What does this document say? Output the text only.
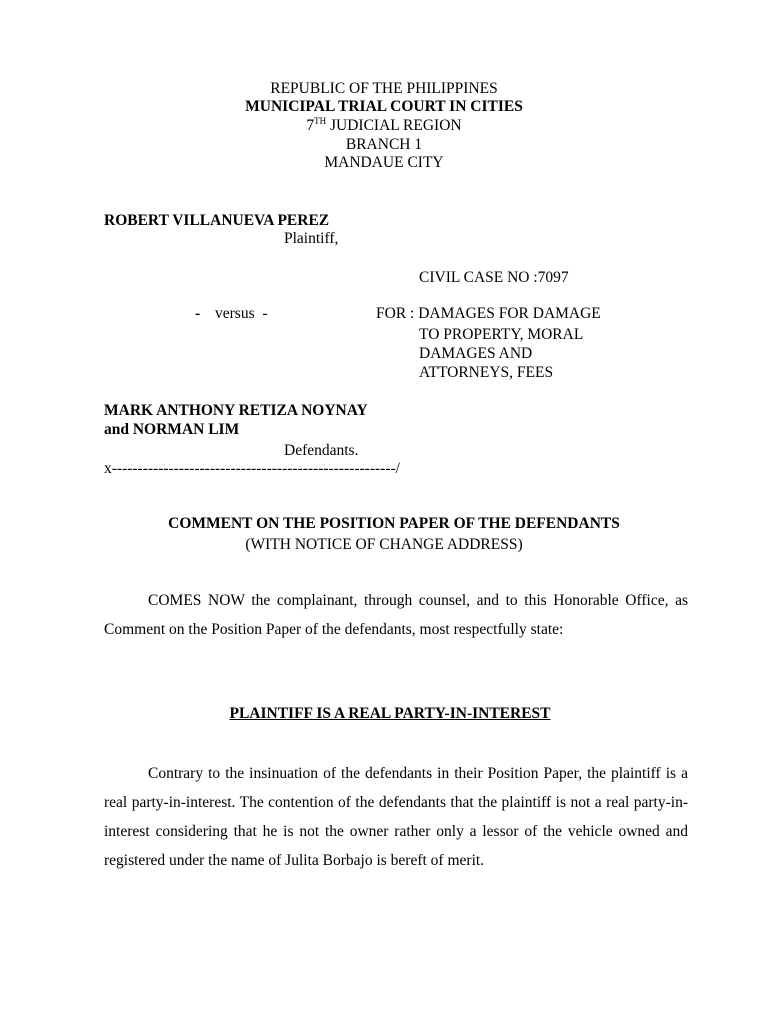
REPUBLIC OF THE PHILIPPINES
MUNICIPAL TRIAL COURT IN CITIES
7TH JUDICIAL REGION
BRANCH 1
MANDAUE CITY
ROBERT VILLANUEVA PEREZ
Plaintiff,
CIVIL CASE NO :7097
- versus  -	FOR : DAMAGES FOR DAMAGE
TO PROPERTY, MORAL
DAMAGES AND
ATTORNEYS, FEES
MARK ANTHONY RETIZA NOYNAY
and NORMAN LIM
Defendants.
x-------------------------------------------------------/
COMMENT ON THE POSITION PAPER OF THE DEFENDANTS
(WITH NOTICE OF CHANGE ADDRESS)
COMES NOW the complainant, through counsel, and to this Honorable Office, as Comment on the Position Paper of the defendants, most respectfully state:
PLAINTIFF IS A REAL PARTY-IN-INTEREST
Contrary to the insinuation of the defendants in their Position Paper, the plaintiff is a real party-in-interest. The contention of the defendants that the plaintiff is not a real party-in-interest considering that he is not the owner rather only a lessor of the vehicle owned and registered under the name of Julita Borbajo is bereft of merit.
